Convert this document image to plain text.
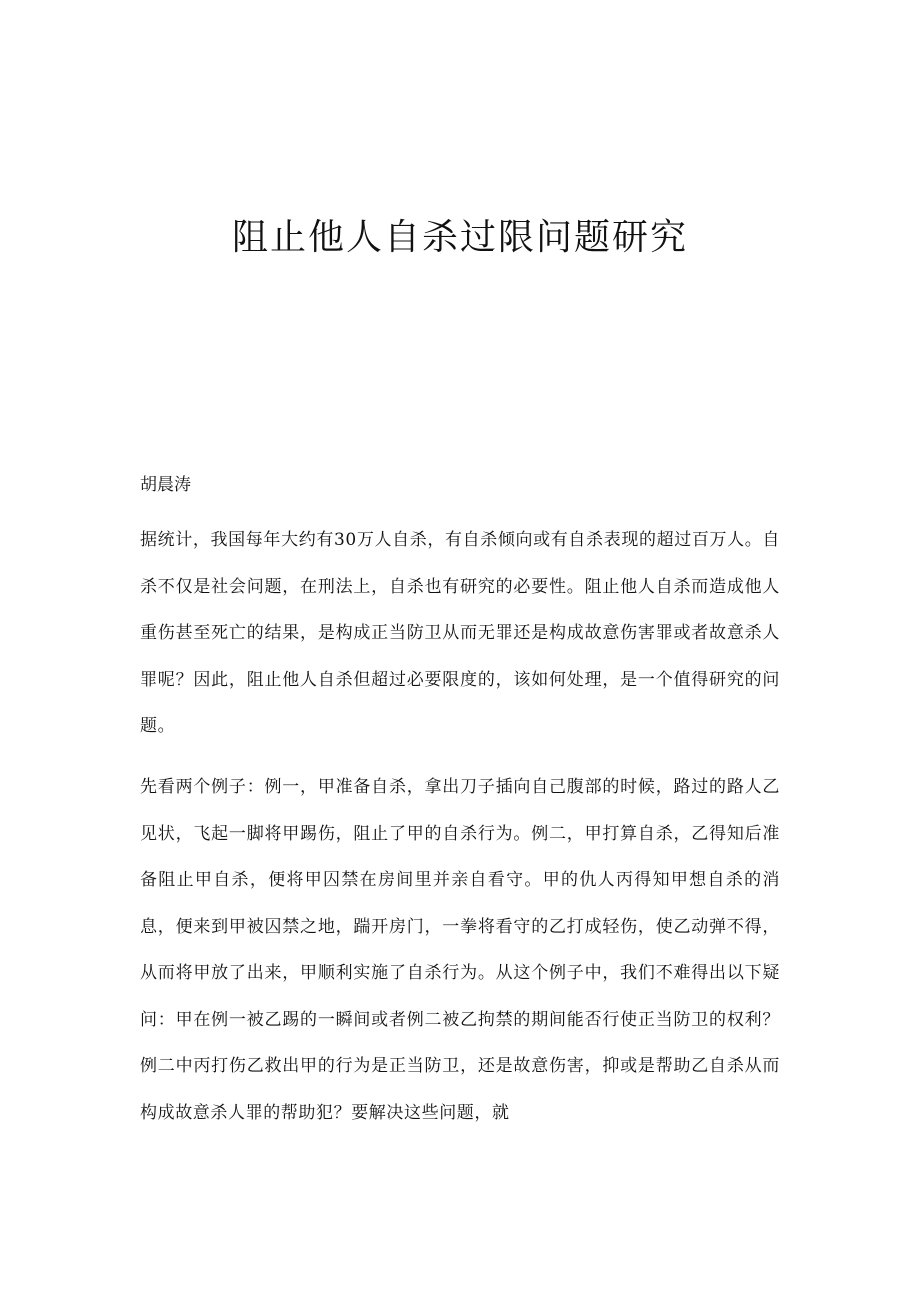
阻止他人自杀过限问题研究

胡晨涛

据统计，我国每年大约有30万人自杀，有自杀倾向或有自杀表现的超过百万人。自杀不仅是社会问题，在刑法上，自杀也有研究的必要性。阻止他人自杀而造成他人重伤甚至死亡的结果，是构成正当防卫从而无罪还是构成故意伤害罪或者故意杀人罪呢？因此，阻止他人自杀但超过必要限度的，该如何处理，是一个值得研究的问题。

先看两个例子：例一，甲准备自杀，拿出刀子插向自己腹部的时候，路过的路人乙见状，飞起一脚将甲踢伤，阻止了甲的自杀行为。例二，甲打算自杀，乙得知后准备阻止甲自杀，便将甲囚禁在房间里并亲自看守。甲的仇人丙得知甲想自杀的消息，便来到甲被囚禁之地，踹开房门，一拳将看守的乙打成轻伤，使乙动弹不得，从而将甲放了出来，甲顺利实施了自杀行为。从这个例子中，我们不难得出以下疑问：甲在例一被乙踢的一瞬间或者例二被乙拘禁的期间能否行使正当防卫的权利？例二中丙打伤乙救出甲的行为是正当防卫，还是故意伤害，抑或是帮助乙自杀从而构成故意杀人罪的帮助犯？要解决这些问题，就
